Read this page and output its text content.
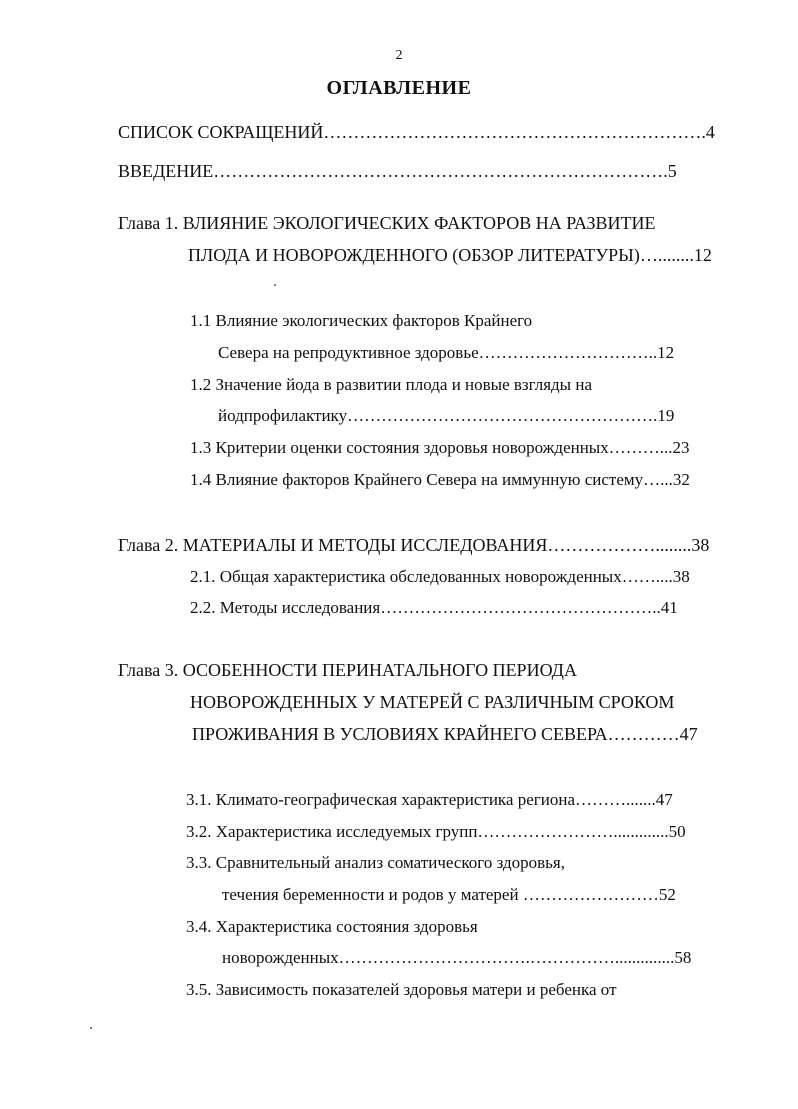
2
ОГЛАВЛЕНИЕ
СПИСОК СОКРАЩЕНИЙ……………………………………………………….4
ВВЕДЕНИЕ………………………………………………………………….5
Глава 1. ВЛИЯНИЕ ЭКОЛОГИЧЕСКИХ ФАКТОРОВ НА РАЗВИТИЕ
ПЛОДА И НОВОРОЖДЕННОГО (ОБЗОР ЛИТЕРАТУРЫ)…........12
1.1 Влияние экологических факторов Крайнего
Севера на репродуктивное здоровье…………………………..12
1.2 Значение йода в развитии плода и новые взгляды на
йодпрофилактику……………………………………………….19
1.3 Критерии оценки состояния здоровья новорожденных………...23
1.4 Влияние факторов Крайнего Севера на иммунную систему…...32
Глава 2. МАТЕРИАЛЫ И МЕТОДЫ ИССЛЕДОВАНИЯ………………........38
2.1. Общая характеристика обследованных новорожденных……....38
2.2. Методы исследования…………………………………………..41
Глава 3. ОСОБЕННОСТИ ПЕРИНАТАЛЬНОГО ПЕРИОДА
НОВОРОЖДЕННЫХ У МАТЕРЕЙ С РАЗЛИЧНЫМ СРОКОМ
ПРОЖИВАНИЯ В УСЛОВИЯХ КРАЙНЕГО СЕВЕРА…………47
3.1. Климато-географическая характеристика региона……….......47
3.2. Характеристика исследуемых групп…………………….............50
3.3. Сравнительный анализ соматического здоровья,
течения беременности и родов у матерей ……………………52
3.4. Характеристика состояния здоровья
новорожденных…………………………….……………..............58
3.5. Зависимость показателей здоровья матери и ребенка от
